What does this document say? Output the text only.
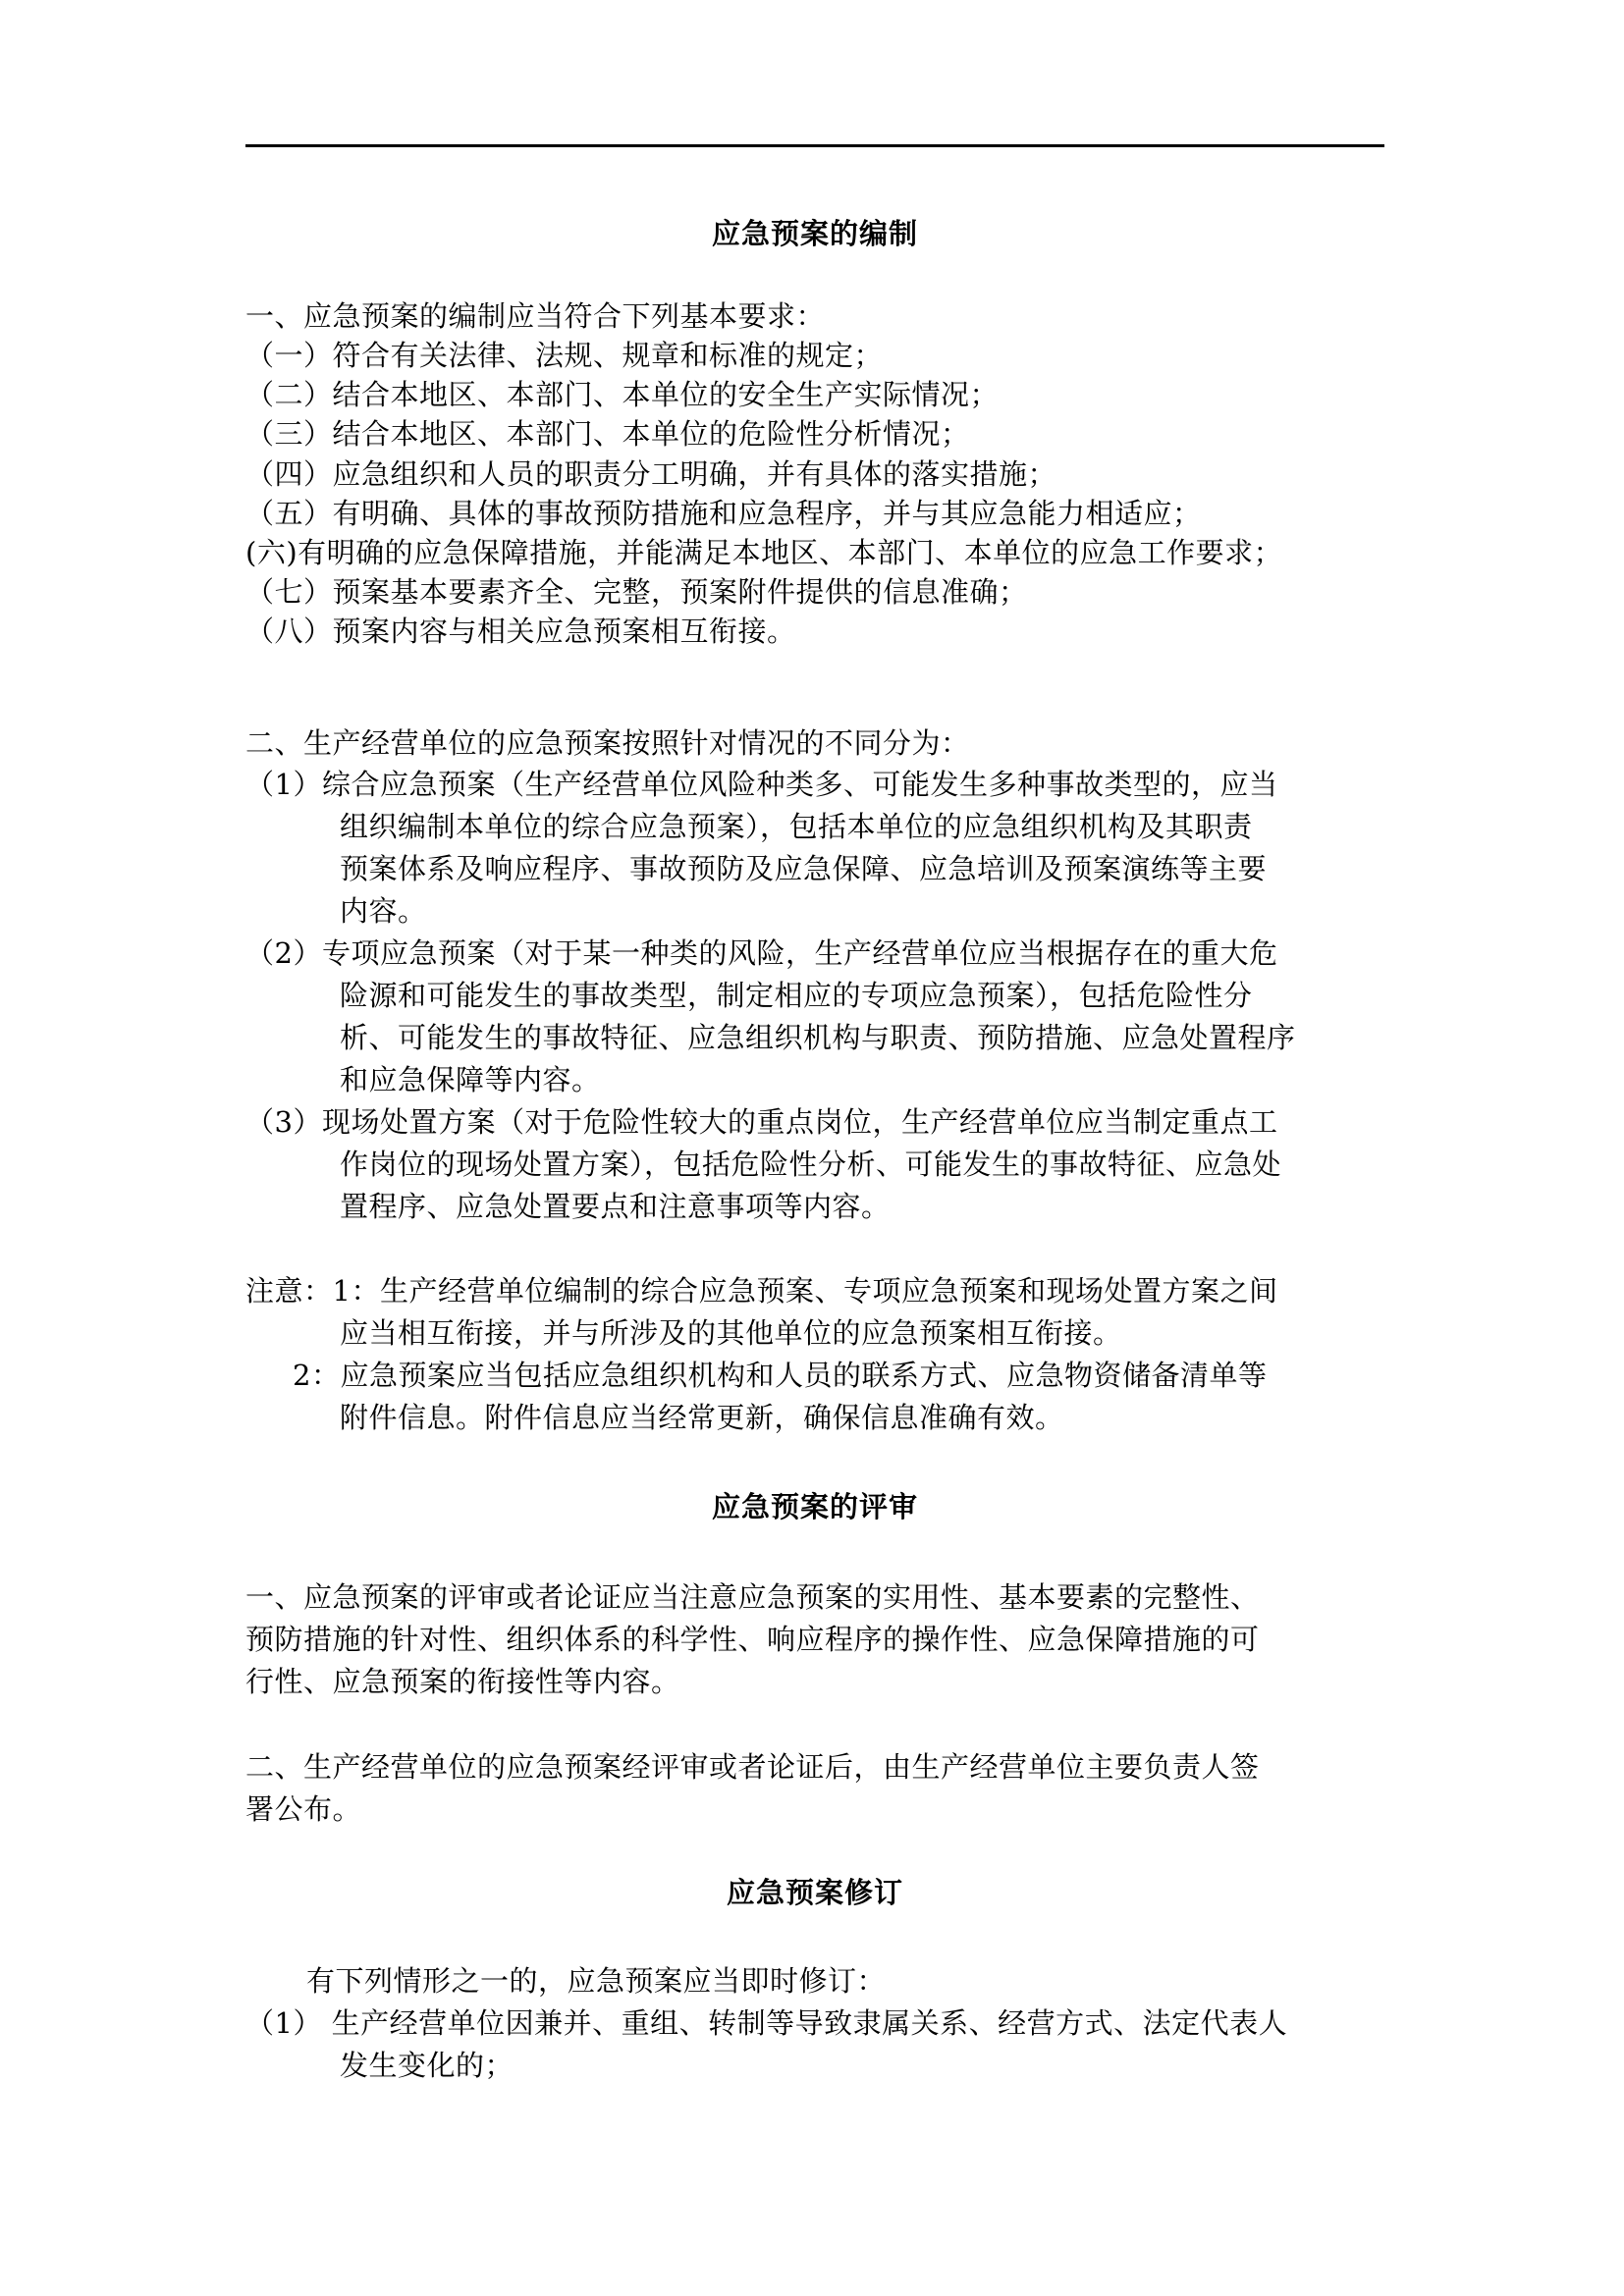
应急预案的编制
一、应急预案的编制应当符合下列基本要求：
（一）符合有关法律、法规、规章和标准的规定；
（二）结合本地区、本部门、本单位的安全生产实际情况；
（三）结合本地区、本部门、本单位的危险性分析情况；
（四）应急组织和人员的职责分工明确，并有具体的落实措施；
（五）有明确、具体的事故预防措施和应急程序，并与其应急能力相适应；
(六)有明确的应急保障措施，并能满足本地区、本部门、本单位的应急工作要求；
（七）预案基本要素齐全、完整，预案附件提供的信息准确；
（八）预案内容与相关应急预案相互衔接。
二、生产经营单位的应急预案按照针对情况的不同分为：
（1）综合应急预案（生产经营单位风险种类多、可能发生多种事故类型的，应当
组织编制本单位的综合应急预案），包括本单位的应急组织机构及其职责
预案体系及响应程序、事故预防及应急保障、应急培训及预案演练等主要
内容。
（2）专项应急预案（对于某一种类的风险，生产经营单位应当根据存在的重大危
险源和可能发生的事故类型，制定相应的专项应急预案），包括危险性分
析、可能发生的事故特征、应急组织机构与职责、预防措施、应急处置程序
和应急保障等内容。
（3）现场处置方案（对于危险性较大的重点岗位，生产经营单位应当制定重点工
作岗位的现场处置方案），包括危险性分析、可能发生的事故特征、应急处
置程序、应急处置要点和注意事项等内容。
注意：1：生产经营单位编制的综合应急预案、专项应急预案和现场处置方案之间
应当相互衔接，并与所涉及的其他单位的应急预案相互衔接。
2：应急预案应当包括应急组织机构和人员的联系方式、应急物资储备清单等
附件信息。附件信息应当经常更新，确保信息准确有效。
应急预案的评审
一、应急预案的评审或者论证应当注意应急预案的实用性、基本要素的完整性、
预防措施的针对性、组织体系的科学性、响应程序的操作性、应急保障措施的可
行性、应急预案的衔接性等内容。
二、生产经营单位的应急预案经评审或者论证后，由生产经营单位主要负责人签
署公布。
应急预案修订
有下列情形之一的，应急预案应当即时修订：
（1） 生产经营单位因兼并、重组、转制等导致隶属关系、经营方式、法定代表人
发生变化的；
